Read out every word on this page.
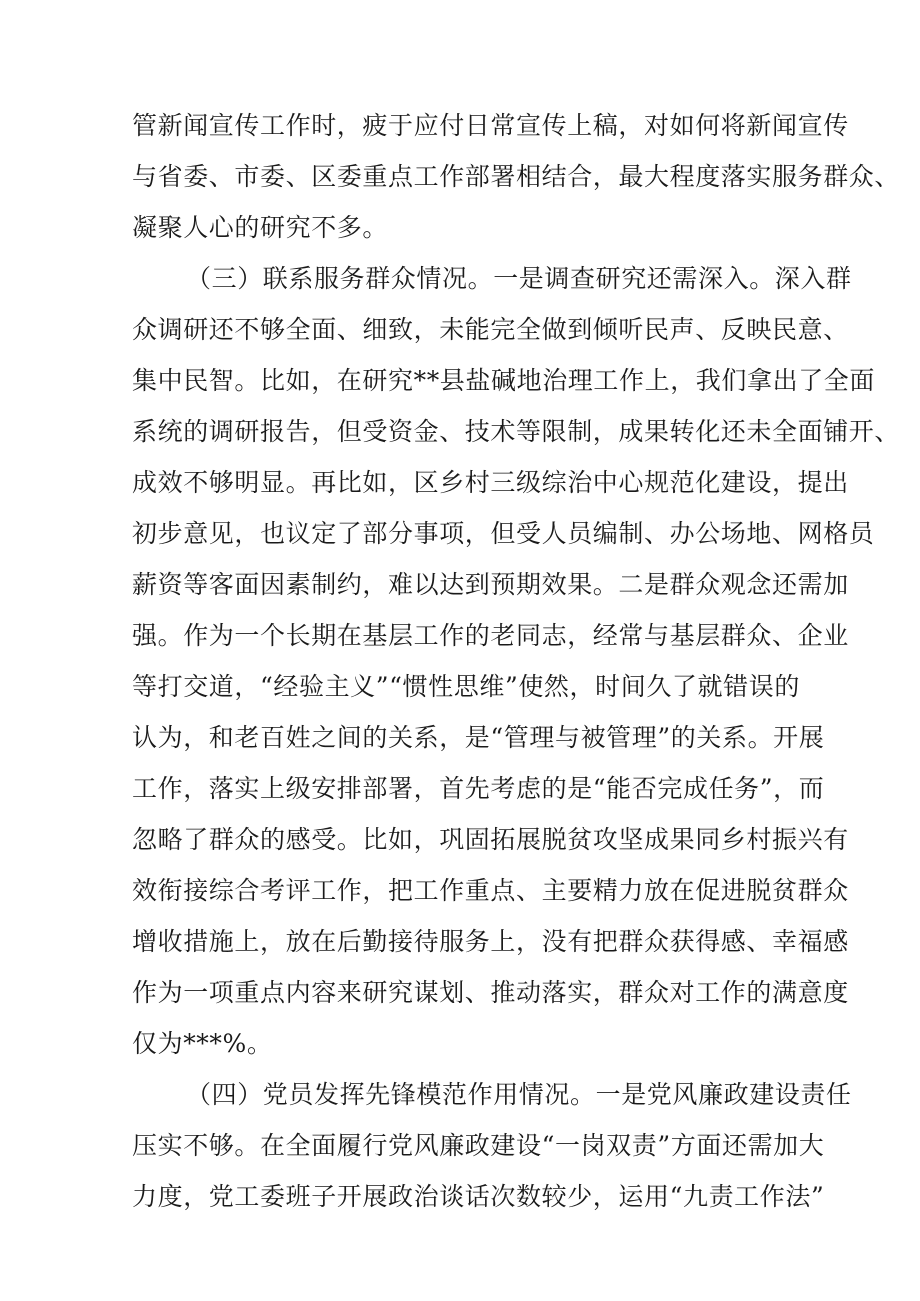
管新闻宣传工作时，疲于应付日常宣传上稿，对如何将新闻宣传
与省委、市委、区委重点工作部署相结合，最大程度落实服务群众、
凝聚人心的研究不多。
（三）联系服务群众情况。一是调查研究还需深入。深入群
众调研还不够全面、细致，未能完全做到倾听民声、反映民意、
集中民智。比如，在研究**县盐碱地治理工作上，我们拿出了全面
系统的调研报告，但受资金、技术等限制，成果转化还未全面铺开、
成效不够明显。再比如，区乡村三级综治中心规范化建设，提出
初步意见，也议定了部分事项，但受人员编制、办公场地、网格员
薪资等客面因素制约，难以达到预期效果。二是群众观念还需加
强。作为一个长期在基层工作的老同志，经常与基层群众、企业
等打交道，“经验主义”“惯性思维”使然，时间久了就错误的
认为，和老百姓之间的关系，是“管理与被管理”的关系。开展
工作，落实上级安排部署，首先考虑的是“能否完成任务”，而
忽略了群众的感受。比如，巩固拓展脱贫攻坚成果同乡村振兴有
效衔接综合考评工作，把工作重点、主要精力放在促进脱贫群众
增收措施上，放在后勤接待服务上，没有把群众获得感、幸福感
作为一项重点内容来研究谋划、推动落实，群众对工作的满意度
仅为***%。
（四）党员发挥先锋模范作用情况。一是党风廉政建设责任
压实不够。在全面履行党风廉政建设“一岗双责”方面还需加大
力度，党工委班子开展政治谈话次数较少，运用“九责工作法”
